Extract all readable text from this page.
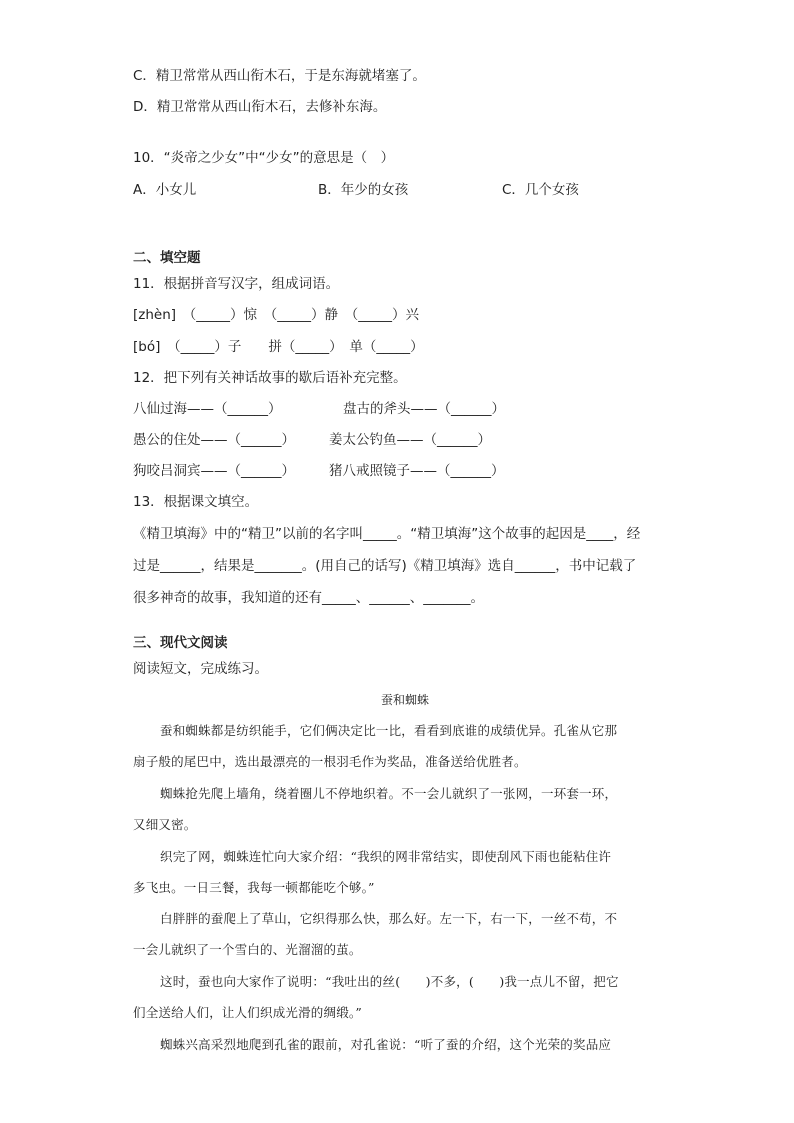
C．精卫常常从西山衔木石，于是东海就堵塞了。
D．精卫常常从西山衔木石，去修补东海。
10．“炎帝之少女”中“少女”的意思是（　）
A．小女儿	B．年少的女孩	C．几个女孩
二、填空题
11．根据拼音写汉字，组成词语。
[zhèn]　（_____）惊　（_____）静　（_____）兴
[bó]　（_____）子　　拼（_____）　单（_____）
12．把下列有关神话故事的歇后语补充完整。
八仙过海——（______）	盘古的斧头——（______）
愚公的住处——（______）	姜太公钓鱼——（______）
狗咬吕洞宾——（______）	猪八戒照镜子——（______）
13．根据课文填空。
《精卫填海》中的“精卫”以前的名字叫_____。“精卫填海”这个故事的起因是____，经
过是______，结果是_______。(用自己的话写)《精卫填海》选自______，书中记载了
很多神奇的故事，我知道的还有_____、______、_______。
三、现代文阅读
阅读短文，完成练习。
蚕和蜘蛛
蚕和蜘蛛都是纺织能手，它们俩决定比一比，看看到底谁的成绩优异。孔雀从它那
扇子般的尾巴中，选出最漂亮的一根羽毛作为奖品，准备送给优胜者。
蜘蛛抢先爬上墙角，绕着圈儿不停地织着。不一会儿就织了一张网，一环套一环，
又细又密。
织完了网，蜘蛛连忙向大家介绍：“我织的网非常结实，即使刮风下雨也能粘住许
多飞虫。一日三餐，我每一顿都能吃个够。”
白胖胖的蚕爬上了草山，它织得那么快，那么好。左一下，右一下，一丝不苟，不
一会儿就织了一个雪白的、光溜溜的茧。
这时，蚕也向大家作了说明：“我吐出的丝(　　)不多，(　　)我一点儿不留，把它
们全送给人们，让人们织成光滑的绸缎。”
蜘蛛兴高采烈地爬到孔雀的跟前，对孔雀说：“听了蚕的介绍，这个光荣的奖品应
